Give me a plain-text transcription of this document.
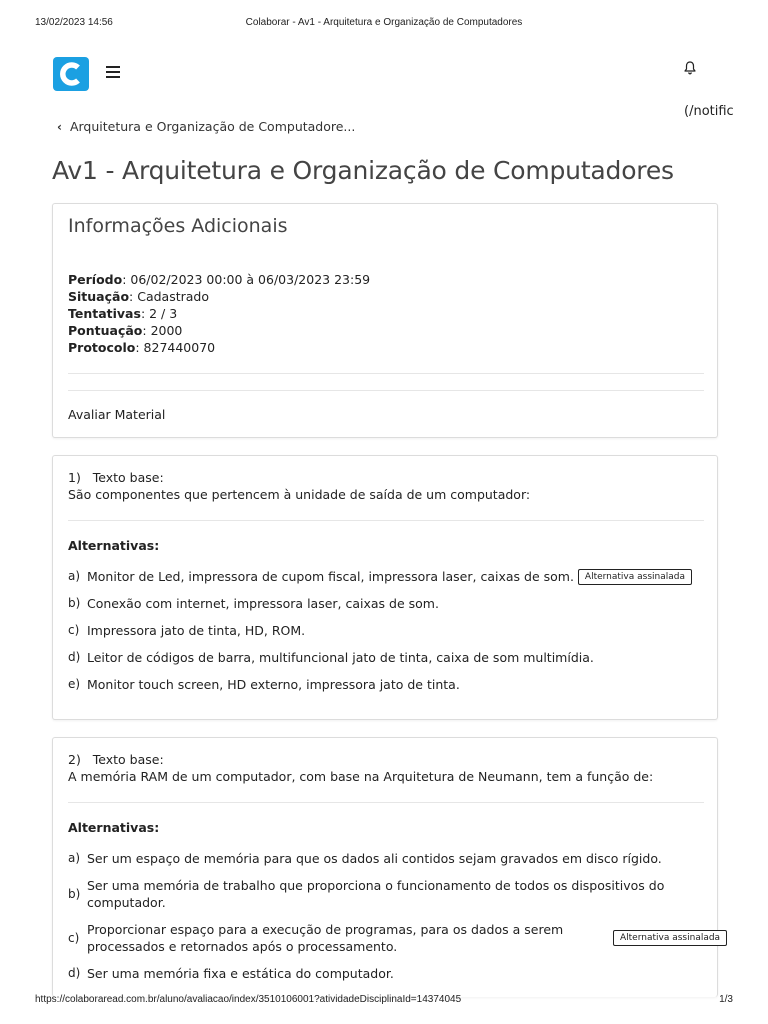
13/02/2023 14:56	Colaborar - Av1 - Arquitetura e Organização de Computadores
(/notific
‹ Arquitetura e Organização de Computadore...
Av1 - Arquitetura e Organização de Computadores
Informações Adicionais
Período: 06/02/2023 00:00 à 06/03/2023 23:59
Situação: Cadastrado
Tentativas: 2 / 3
Pontuação: 2000
Protocolo: 827440070
Avaliar Material
1) Texto base:
São componentes que pertencem à unidade de saída de um computador:
Alternativas:
a) Monitor de Led, impressora de cupom fiscal, impressora laser, caixas de som.	Alternativa assinalada
b) Conexão com internet, impressora laser, caixas de som.
c) Impressora jato de tinta, HD, ROM.
d) Leitor de códigos de barra, multifuncional jato de tinta, caixa de som multimídia.
e) Monitor touch screen, HD externo, impressora jato de tinta.
2) Texto base:
A memória RAM de um computador, com base na Arquitetura de Neumann, tem a função de:
Alternativas:
a) Ser um espaço de memória para que os dados ali contidos sejam gravados em disco rígido.
b)
Ser uma memória de trabalho que proporciona o funcionamento de todos os dispositivos do
computador.
c)
Proporcionar espaço para a execução de programas, para os dados a serem
processados e retornados após o processamento.
Alternativa assinalada
d) Ser uma memória fixa e estática do computador.
https://colaboraread.com.br/aluno/avaliacao/index/3510106001?atividadeDisciplinaId=14374045	1/3
